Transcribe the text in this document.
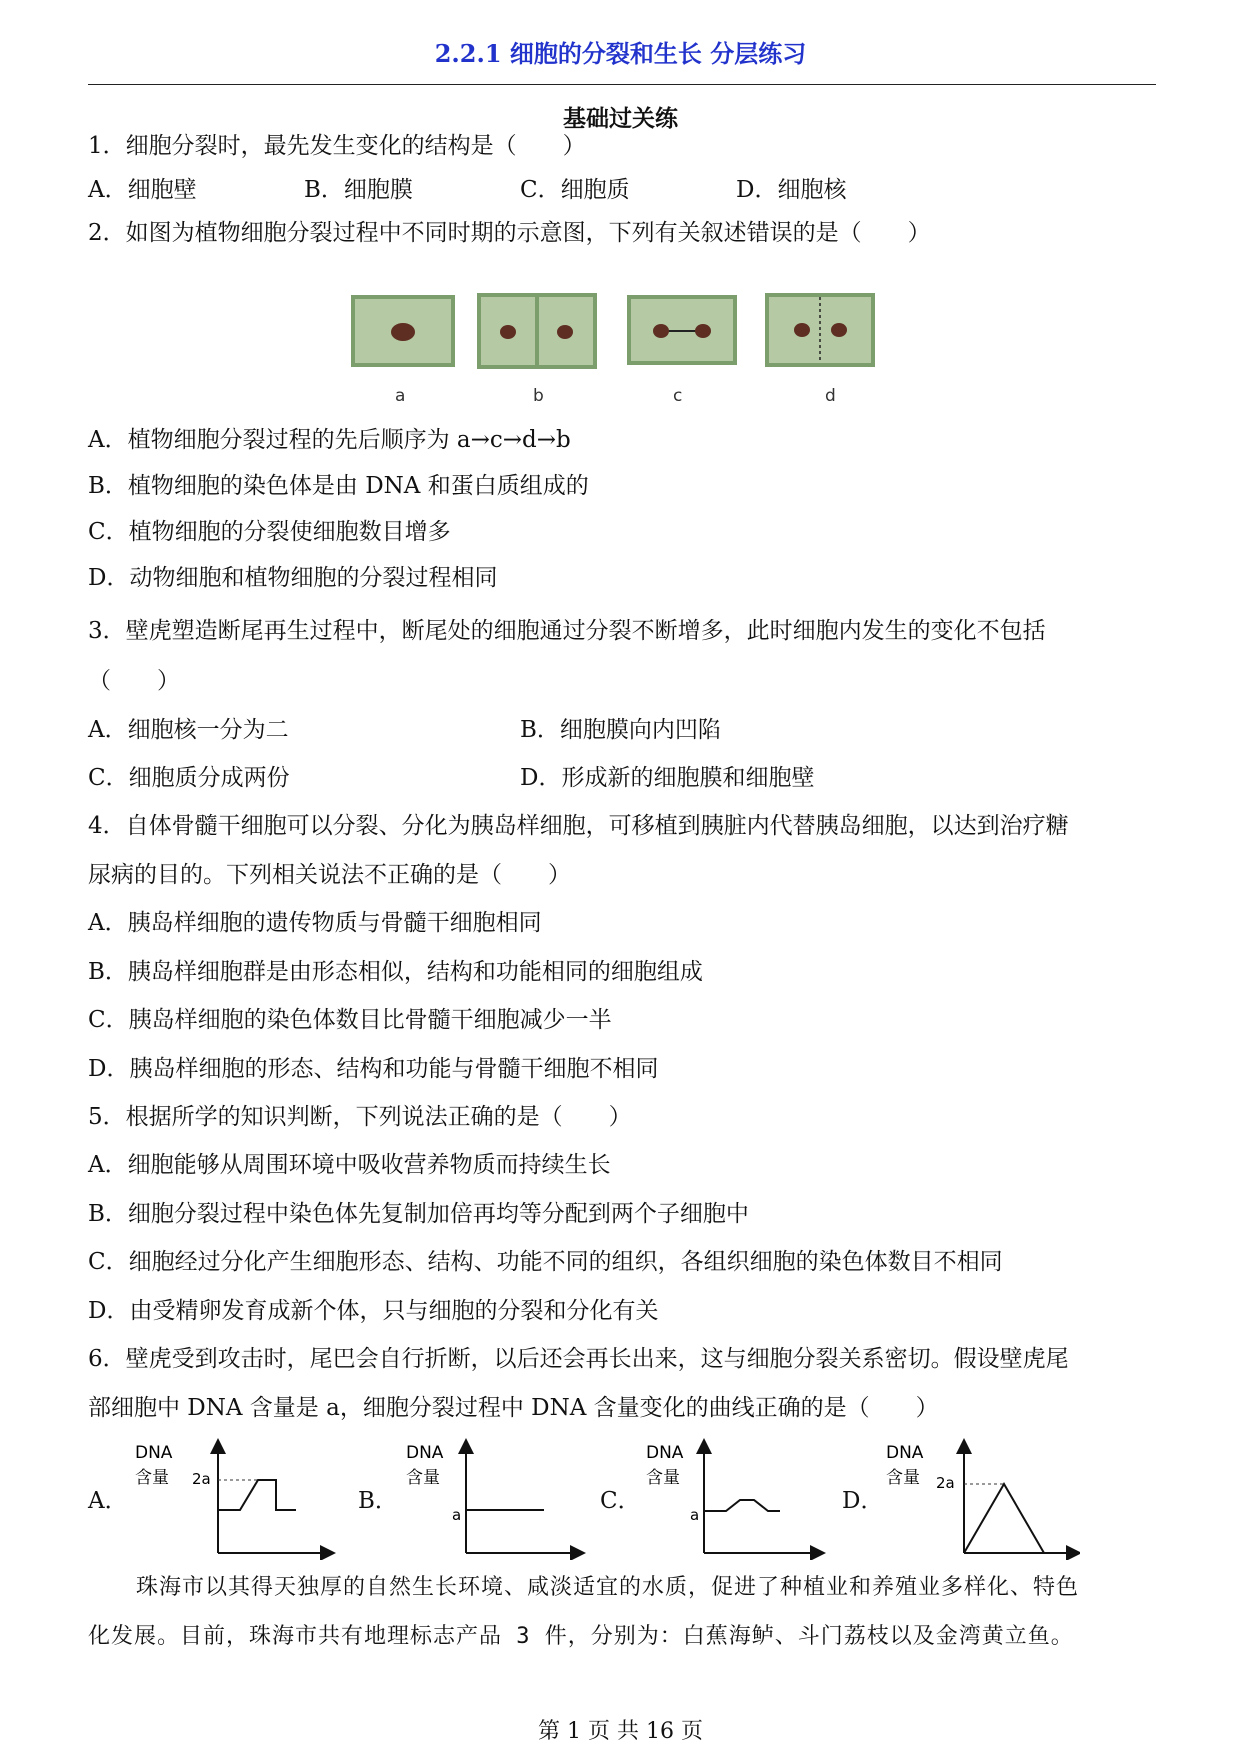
2.2.1 细胞的分裂和生长 分层练习
基础过关练
1．细胞分裂时，最先发生变化的结构是（　　）
A．细胞壁	B．细胞膜	C．细胞质	D．细胞核
2．如图为植物细胞分裂过程中不同时期的示意图，下列有关叙述错误的是（　　）
a	b	c	d
A．植物细胞分裂过程的先后顺序为 a→c→d→b
B．植物细胞的染色体是由 DNA 和蛋白质组成的
C．植物细胞的分裂使细胞数目增多
D．动物细胞和植物细胞的分裂过程相同
3．壁虎塑造断尾再生过程中，断尾处的细胞通过分裂不断增多，此时细胞内发生的变化不包括
（　　）
A．细胞核一分为二	B．细胞膜向内凹陷
C．细胞质分成两份	D．形成新的细胞膜和细胞壁
4．自体骨髓干细胞可以分裂、分化为胰岛样细胞，可移植到胰脏内代替胰岛细胞，以达到治疗糖
尿病的目的。下列相关说法不正确的是（　　）
A．胰岛样细胞的遗传物质与骨髓干细胞相同
B．胰岛样细胞群是由形态相似，结构和功能相同的细胞组成
C．胰岛样细胞的染色体数目比骨髓干细胞减少一半
D．胰岛样细胞的形态、结构和功能与骨髓干细胞不相同
5．根据所学的知识判断，下列说法正确的是（　　）
A．细胞能够从周围环境中吸收营养物质而持续生长
B．细胞分裂过程中染色体先复制加倍再均等分配到两个子细胞中
C．细胞经过分化产生细胞形态、结构、功能不同的组织，各组织细胞的染色体数目不相同
D．由受精卵发育成新个体，只与细胞的分裂和分化有关
6．壁虎受到攻击时，尾巴会自行折断，以后还会再长出来，这与细胞分裂关系密切。假设壁虎尾
部细胞中 DNA 含量是 a，细胞分裂过程中 DNA 含量变化的曲线正确的是（　　）
A．
DNA
含量 2a
B．
DNA
含量
a
C．
DNA
含量
a
D．
DNA
含量 2a
珠海市以其得天独厚的自然生长环境、咸淡适宜的水质，促进了种植业和养殖业多样化、特色
化发展。目前，珠海市共有地理标志产品 3 件，分别为：白蕉海鲈、斗门荔枝以及金湾黄立鱼。
第 1 页 共 16 页
